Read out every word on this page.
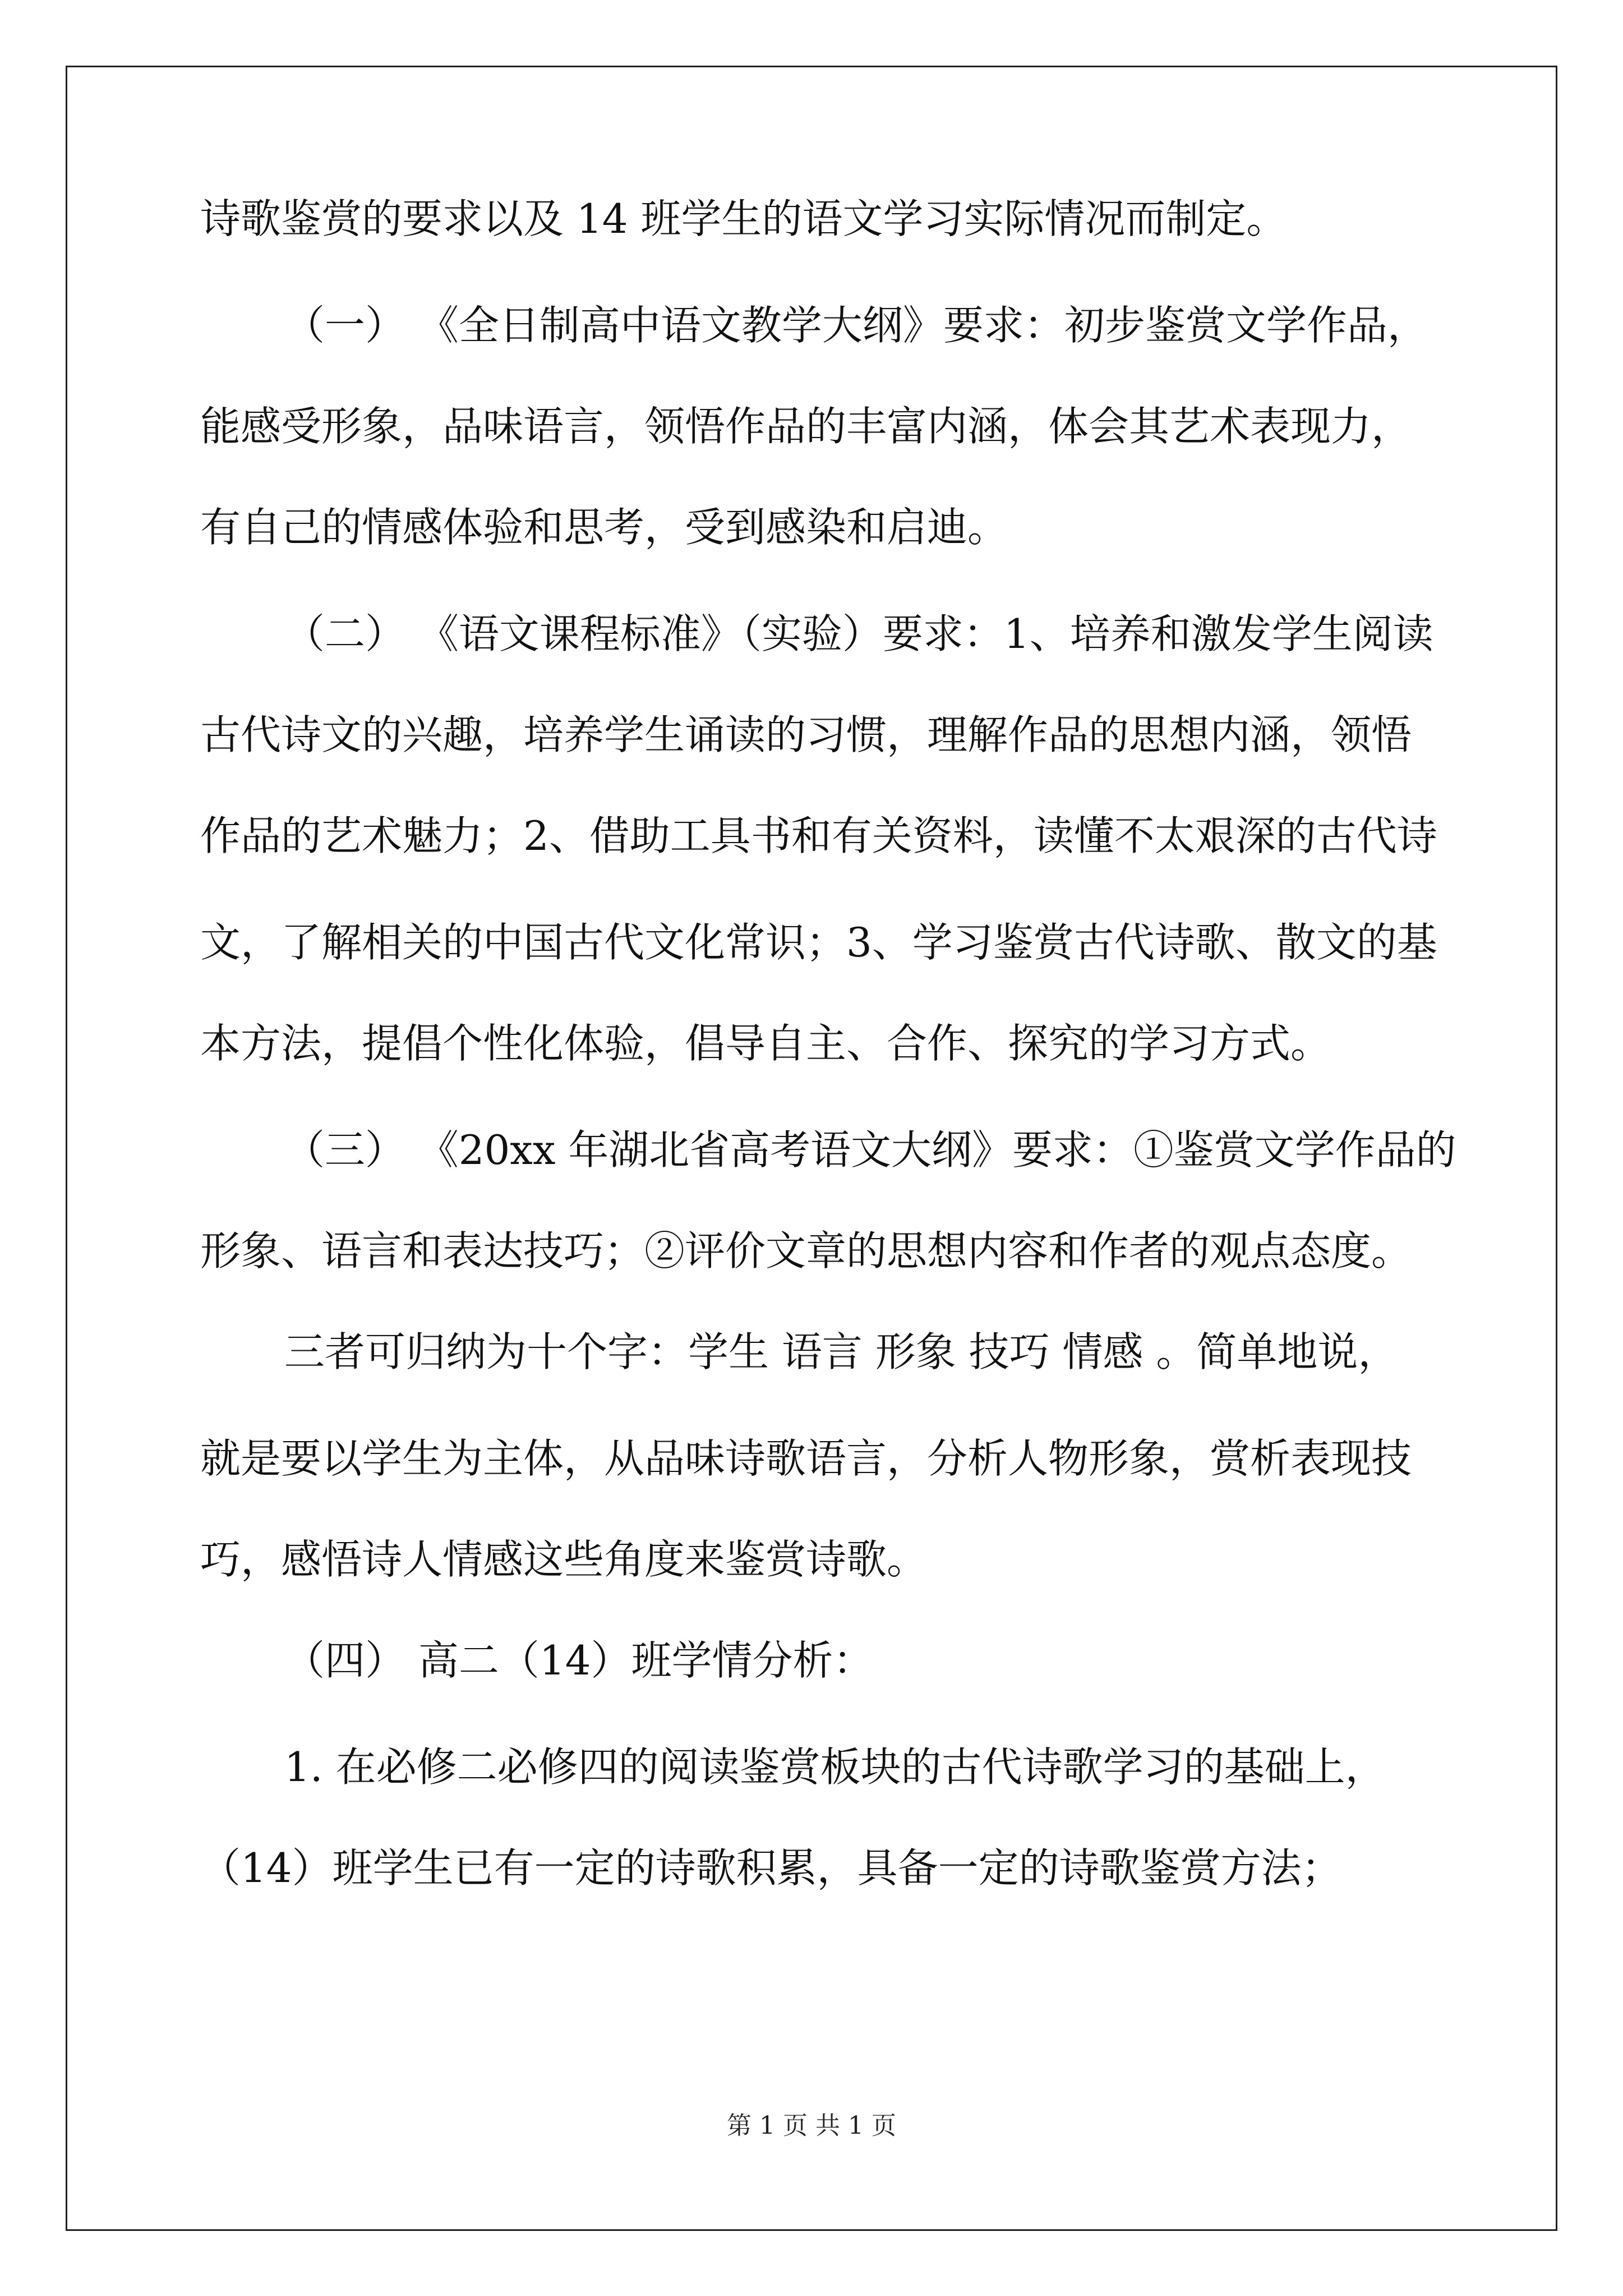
诗歌鉴赏的要求以及 14 班学生的语文学习实际情况而制定。
（一） 《全日制高中语文教学大纲》要求：初步鉴赏文学作品，
能感受形象，品味语言，领悟作品的丰富内涵，体会其艺术表现力，
有自己的情感体验和思考，受到感染和启迪。
（二） 《语文课程标准》（实验）要求：1、培养和激发学生阅读
古代诗文的兴趣，培养学生诵读的习惯，理解作品的思想内涵，领悟
作品的艺术魅力；2、借助工具书和有关资料，读懂不太艰深的古代诗
文，了解相关的中国古代文化常识；3、学习鉴赏古代诗歌、散文的基
本方法，提倡个性化体验，倡导自主、合作、探究的学习方式。
（三） 《20xx 年湖北省高考语文大纲》要求：①鉴赏文学作品的
形象、语言和表达技巧；②评价文章的思想内容和作者的观点态度。
三者可归纳为十个字：学生 语言 形象 技巧 情感 。简单地说，
就是要以学生为主体，从品味诗歌语言，分析人物形象，赏析表现技
巧，感悟诗人情感这些角度来鉴赏诗歌。
（四） 高二（14）班学情分析：
1. 在必修二必修四的阅读鉴赏板块的古代诗歌学习的基础上，
（14）班学生已有一定的诗歌积累，具备一定的诗歌鉴赏方法；
第 1 页 共 1 页
